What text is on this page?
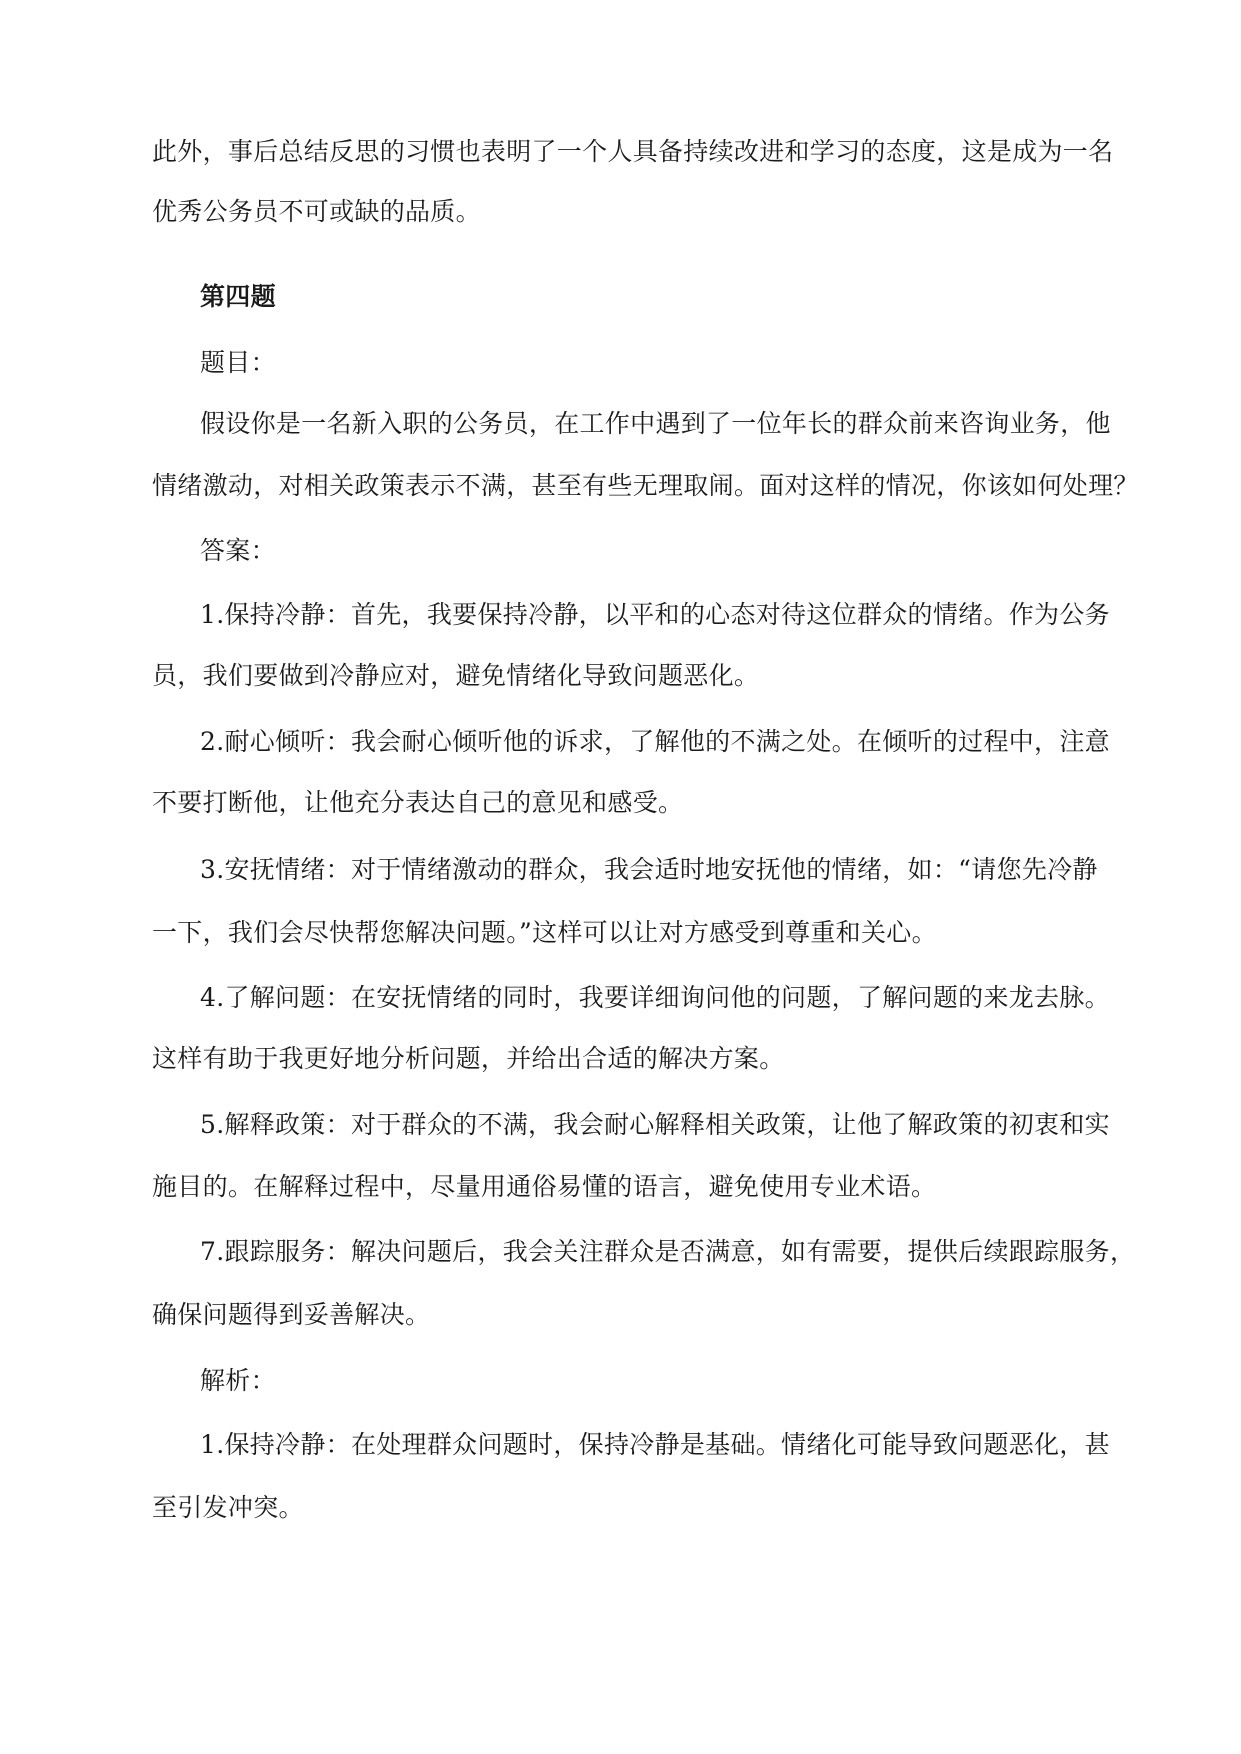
此外，事后总结反思的习惯也表明了一个人具备持续改进和学习的态度，这是成为一名
优秀公务员不可或缺的品质。
第四题
题目：
假设你是一名新入职的公务员，在工作中遇到了一位年长的群众前来咨询业务，他
情绪激动，对相关政策表示不满，甚至有些无理取闹。面对这样的情况，你该如何处理？
答案：
1.保持冷静：首先，我要保持冷静，以平和的心态对待这位群众的情绪。作为公务
员，我们要做到冷静应对，避免情绪化导致问题恶化。
2.耐心倾听：我会耐心倾听他的诉求，了解他的不满之处。在倾听的过程中，注意
不要打断他，让他充分表达自己的意见和感受。
3.安抚情绪：对于情绪激动的群众，我会适时地安抚他的情绪，如：“请您先冷静
一下，我们会尽快帮您解决问题。”这样可以让对方感受到尊重和关心。
4.了解问题：在安抚情绪的同时，我要详细询问他的问题，了解问题的来龙去脉。
这样有助于我更好地分析问题，并给出合适的解决方案。
5.解释政策：对于群众的不满，我会耐心解释相关政策，让他了解政策的初衷和实
施目的。在解释过程中，尽量用通俗易懂的语言，避免使用专业术语。
7.跟踪服务：解决问题后，我会关注群众是否满意，如有需要，提供后续跟踪服务，
确保问题得到妥善解决。
解析：
1.保持冷静：在处理群众问题时，保持冷静是基础。情绪化可能导致问题恶化，甚
至引发冲突。
